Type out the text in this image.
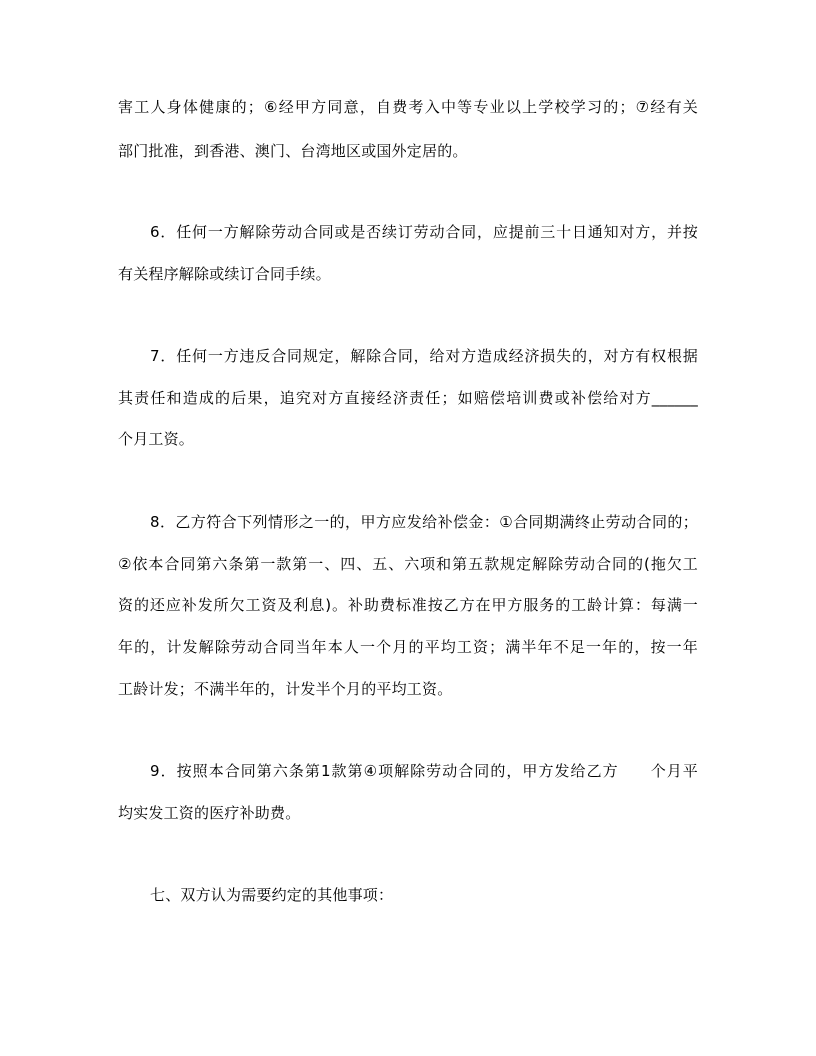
害工人身体健康的；⑥经甲方同意，自费考入中等专业以上学校学习的；⑦经有关
部门批准，到香港、澳门、台湾地区或国外定居的。
6．任何一方解除劳动合同或是否续订劳动合同，应提前三十日通知对方，并按
有关程序解除或续订合同手续。
7．任何一方违反合同规定，解除合同，给对方造成经济损失的，对方有权根据
其责任和造成的后果，追究对方直接经济责任；如赔偿培训费或补偿给对方______
个月工资。
8．乙方符合下列情形之一的，甲方应发给补偿金：①合同期满终止劳动合同的；
②依本合同第六条第一款第一、四、五、六项和第五款规定解除劳动合同的(拖欠工
资的还应补发所欠工资及利息)。补助费标准按乙方在甲方服务的工龄计算：每满一
年的，计发解除劳动合同当年本人一个月的平均工资；满半年不足一年的，按一年
工龄计发；不满半年的，计发半个月的平均工资。
9．按照本合同第六条第1款第④项解除劳动合同的，甲方发给乙方　　个月平
均实发工资的医疗补助费。
七、双方认为需要约定的其他事项：
